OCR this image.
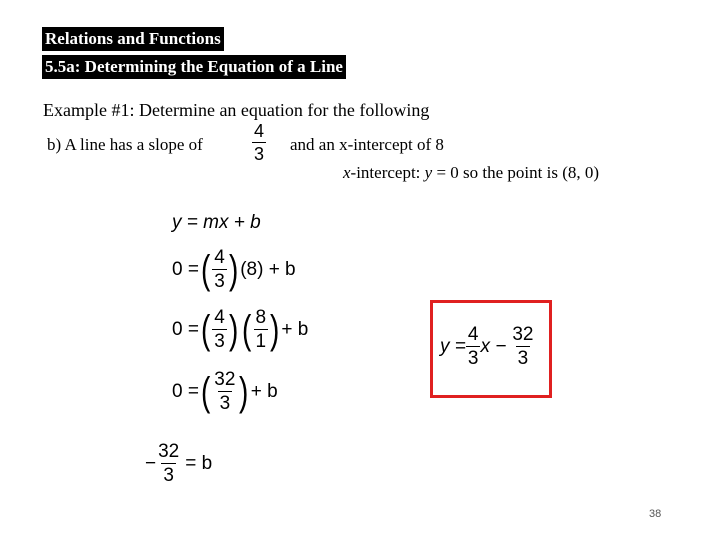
Relations and Functions
5.5a: Determining the Equation of a Line
Example #1: Determine an equation for the following
b) A line has a slope of	$\frac{4}{3}$ and an x-intercept of 8
x-intercept: y = 0 so the point is (8, 0)
y = mx + b
0 = ( $\frac{4}{3}$ ) (8) + b
0 = ( $\frac{4}{3}$ ) ( $\frac{8}{1}$ ) + b
0 = ( $\frac{32}{3}$ ) + b
− $\frac{32}{3} = b$
$y = \frac{4}{3}$ $x - \frac{32}{3}$
38
